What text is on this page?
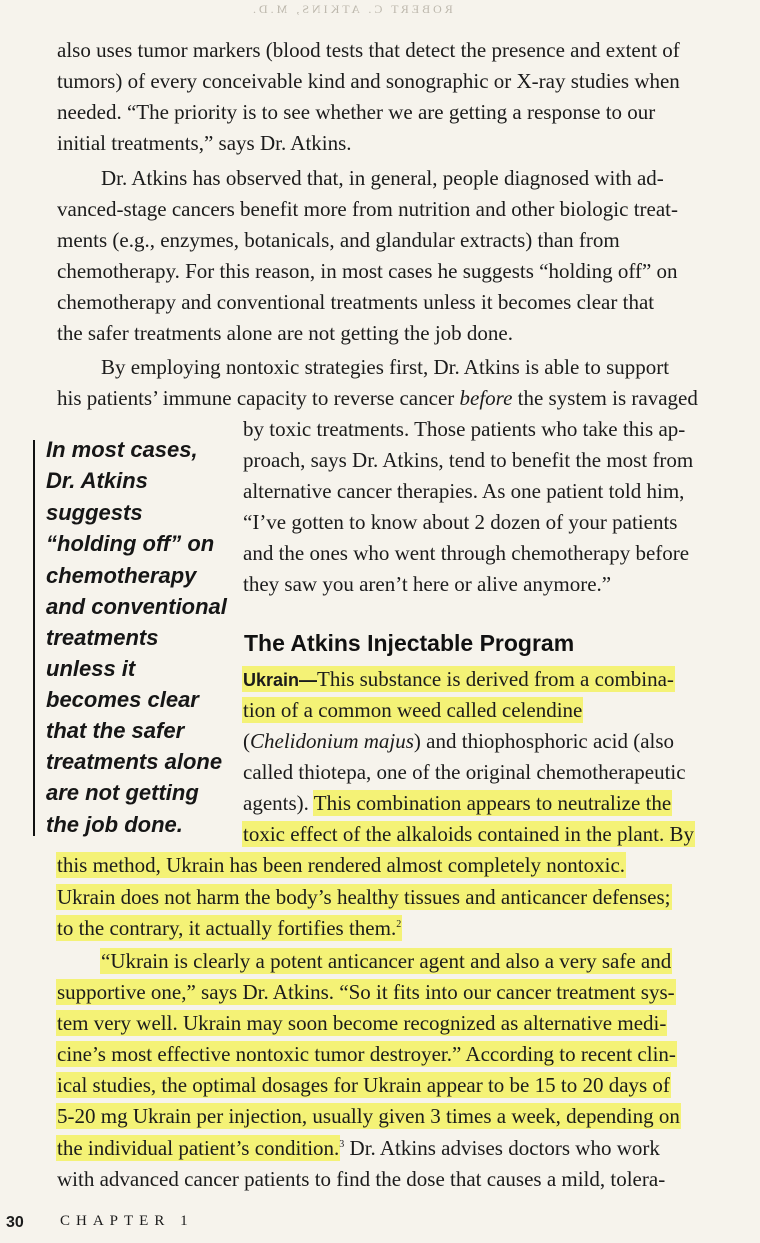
ROBERT C. ATKINS, M.D.
also uses tumor markers (blood tests that detect the presence and extent of
tumors) of every conceivable kind and sonographic or X-ray studies when
needed. “The priority is to see whether we are getting a response to our
initial treatments,” says Dr. Atkins.
Dr. Atkins has observed that, in general, people diagnosed with ad-
vanced-stage cancers benefit more from nutrition and other biologic treat-
ments (e.g., enzymes, botanicals, and glandular extracts) than from
chemotherapy. For this reason, in most cases he suggests “holding off” on
chemotherapy and conventional treatments unless it becomes clear that
the safer treatments alone are not getting the job done.
By employing nontoxic strategies first, Dr. Atkins is able to support
his patients’ immune capacity to reverse cancer before the system is ravaged
by toxic treatments. Those patients who take this ap-
proach, says Dr. Atkins, tend to benefit the most from
alternative cancer therapies. As one patient told him,
“I’ve gotten to know about 2 dozen of your patients
and the ones who went through chemotherapy before
they saw you aren’t here or alive anymore.”
In most cases,
Dr. Atkins
suggests
“holding off” on
chemotherapy
and conventional
treatments
unless it
becomes clear
that the safer
treatments alone
are not getting
the job done.
The Atkins Injectable Program
Ukrain—This substance is derived from a combina-
tion of a common weed called celendine
(Chelidonium majus) and thiophosphoric acid (also
called thiotepa, one of the original chemotherapeutic
agents). This combination appears to neutralize the
toxic effect of the alkaloids contained in the plant. By
this method, Ukrain has been rendered almost completely nontoxic.
Ukrain does not harm the body’s healthy tissues and anticancer defenses;
to the contrary, it actually fortifies them.$^2$
“Ukrain is clearly a potent anticancer agent and also a very safe and
supportive one,” says Dr. Atkins. “So it fits into our cancer treatment sys-
tem very well. Ukrain may soon become recognized as alternative medi-
cine’s most effective nontoxic tumor destroyer.” According to recent clin-
ical studies, the optimal dosages for Ukrain appear to be 15 to 20 days of
5-20 mg Ukrain per injection, usually given 3 times a week, depending on
the individual patient’s condition.$^3$ Dr. Atkins advises doctors who work
with advanced cancer patients to find the dose that causes a mild, tolera-
30 CHAPTER 1
